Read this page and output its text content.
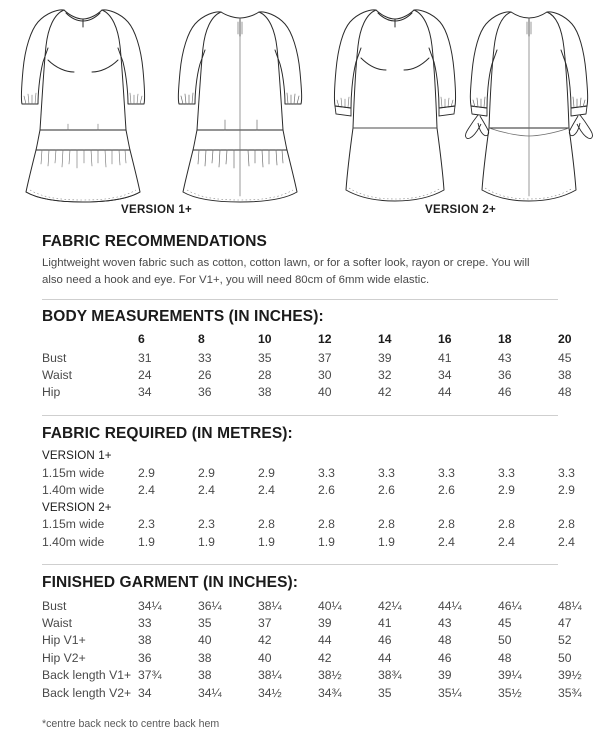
VERSION 1+	VERSION 2+
FABRIC RECOMMENDATIONS

Lightweight woven fabric such as cotton, cotton lawn, or for a softer look, rayon or crepe. You will also need a hook and eye. For V1+, you will need 80cm of 6mm wide elastic.

BODY MEASUREMENTS (IN INCHES):
	6	8	10	12	14	16	18	20
Bust	31	33	35	37	39	41	43	45
Waist	24	26	28	30	32	34	36	38
Hip	34	36	38	40	42	44	46	48
FABRIC REQUIRED (IN METRES):
VERSION 1+								
1.15m wide	2.9	2.9	2.9	3.3	3.3	3.3	3.3	3.3
1.40m wide	2.4	2.4	2.4	2.6	2.6	2.6	2.9	2.9
VERSION 2+								
1.15m wide	2.3	2.3	2.8	2.8	2.8	2.8	2.8	2.8
1.40m wide	1.9	1.9	1.9	1.9	1.9	2.4	2.4	2.4
FINISHED GARMENT (IN INCHES):
Bust	34¼	36¼	38¼	40¼	42¼	44¼	46¼	48¼
Waist	33	35	37	39	41	43	45	47
Hip V1+	38	40	42	44	46	48	50	52
Hip V2+	36	38	40	42	44	46	48	50
Back length V1+	37¾	38	38¼	38½	38¾	39	39¼	39½
Back length V2+	34	34¼	34½	34¾	35	35¼	35½	35¾
*centre back neck to centre back hem
